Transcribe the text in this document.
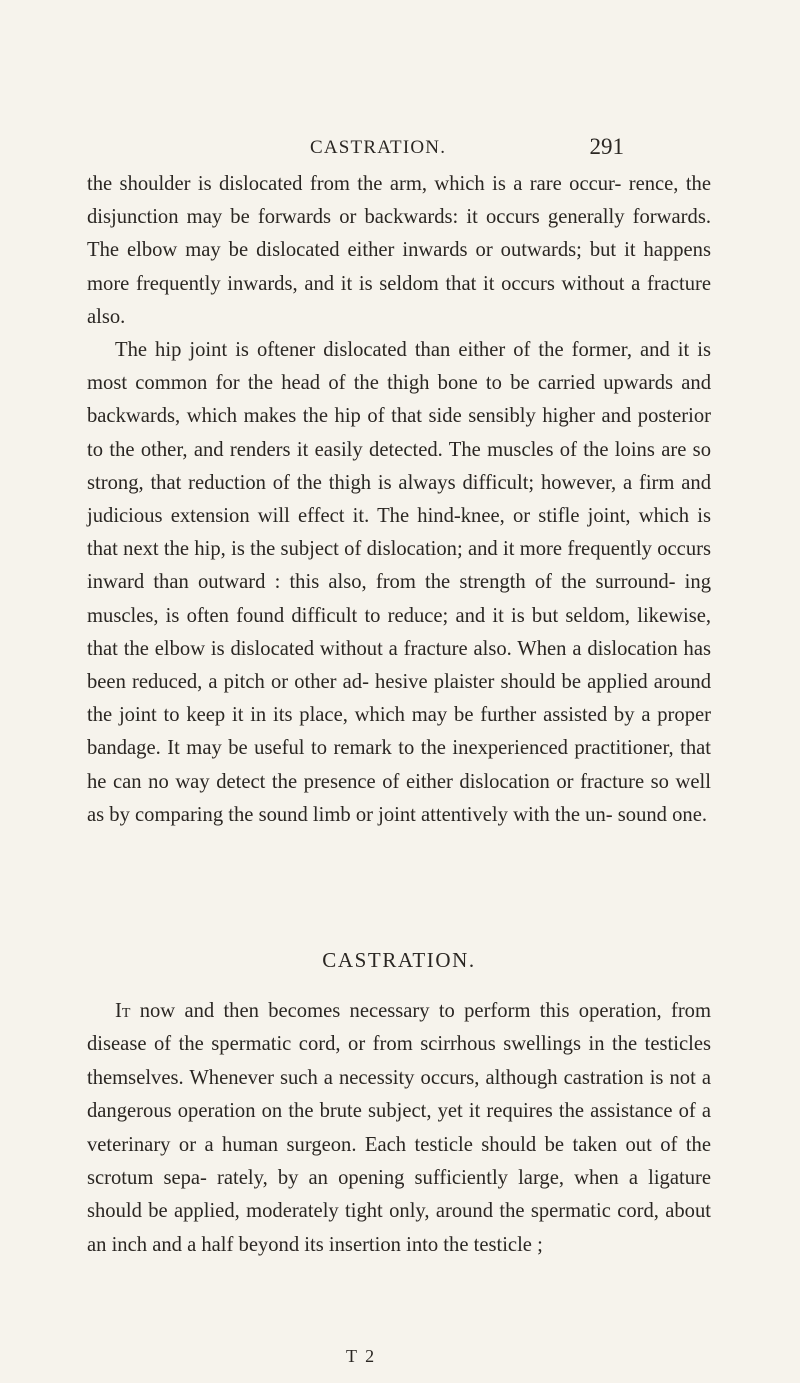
CASTRATION.	291

the shoulder is dislocated from the arm, which is a rare occur- rence, the disjunction may be forwards or backwards: it occurs generally forwards. The elbow may be dislocated either inwards or outwards; but it happens more frequently inwards, and it is seldom that it occurs without a fracture also.

The hip joint is oftener dislocated than either of the former, and it is most common for the head of the thigh bone to be carried upwards and backwards, which makes the hip of that side sensibly higher and posterior to the other, and renders it easily detected. The muscles of the loins are so strong, that reduction of the thigh is always difficult; however, a firm and judicious extension will effect it. The hind-knee, or stifle joint, which is that next the hip, is the subject of dislocation; and it more frequently occurs inward than outward : this also, from the strength of the surround- ing muscles, is often found difficult to reduce; and it is but seldom, likewise, that the elbow is dislocated without a fracture also. When a dislocation has been reduced, a pitch or other ad- hesive plaister should be applied around the joint to keep it in its place, which may be further assisted by a proper bandage. It may be useful to remark to the inexperienced practitioner, that he can no way detect the presence of either dislocation or fracture so well as by comparing the sound limb or joint attentively with the un- sound one.

CASTRATION.

It now and then becomes necessary to perform this operation, from disease of the spermatic cord, or from scirrhous swellings in the testicles themselves. Whenever such a necessity occurs, although castration is not a dangerous operation on the brute subject, yet it requires the assistance of a veterinary or a human surgeon. Each testicle should be taken out of the scrotum sepa- rately, by an opening sufficiently large, when a ligature should be applied, moderately tight only, around the spermatic cord, about an inch and a half beyond its insertion into the testicle ;

T 2
